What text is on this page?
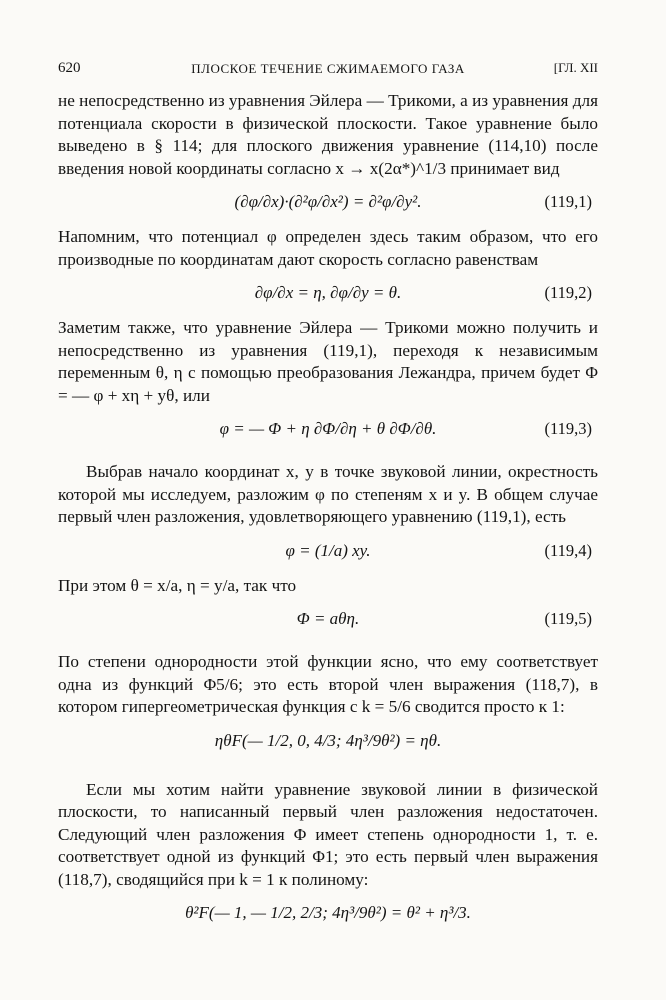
620	ПЛОСКОЕ ТЕЧЕНИЕ СЖИМАЕМОГО ГАЗА	[ГЛ. XII

не непосредственно из уравнения Эйлера — Трикоми, а из уравнения для потенциала скорости в физической плоскости. Такое уравнение было выведено в § 114; для плоского движения уравнение (114,10) после введения новой координаты согласно x → x(2α*)^1/3 принимает вид

(∂φ/∂x)·(∂²φ/∂x²) = ∂²φ/∂y².	(119,1)

Напомним, что потенциал φ определен здесь таким образом, что его производные по координатам дают скорость согласно равенствам

∂φ/∂x = η, ∂φ/∂y = θ.	(119,2)

Заметим также, что уравнение Эйлера — Трикоми можно получить и непосредственно из уравнения (119,1), переходя к независимым переменным θ, η с помощью преобразования Лежандра, причем будет Φ = — φ + xη + yθ, или

φ = — Φ + η ∂Φ/∂η + θ ∂Φ/∂θ.	(119,3)

Выбрав начало координат x, y в точке звуковой линии, окрестность которой мы исследуем, разложим φ по степеням x и y. В общем случае первый член разложения, удовлетворяющего уравнению (119,1), есть

φ = (1/a) xy.	(119,4)

При этом θ = x/a, η = y/a, так что

Φ = aθη.	(119,5)

По степени однородности этой функции ясно, что ему соответствует одна из функций Φ5/6; это есть второй член выражения (118,7), в котором гипергеометрическая функция с k = 5/6 сводится просто к 1:

ηθF(— 1/2, 0, 4/3; 4η³/9θ²) = ηθ.

Если мы хотим найти уравнение звуковой линии в физической плоскости, то написанный первый член разложения недостаточен. Следующий член разложения Φ имеет степень однородности 1, т. е. соответствует одной из функций Φ1; это есть первый член выражения (118,7), сводящийся при k = 1 к полиному:

θ²F(— 1, — 1/2, 2/3; 4η³/9θ²) = θ² + η³/3.
